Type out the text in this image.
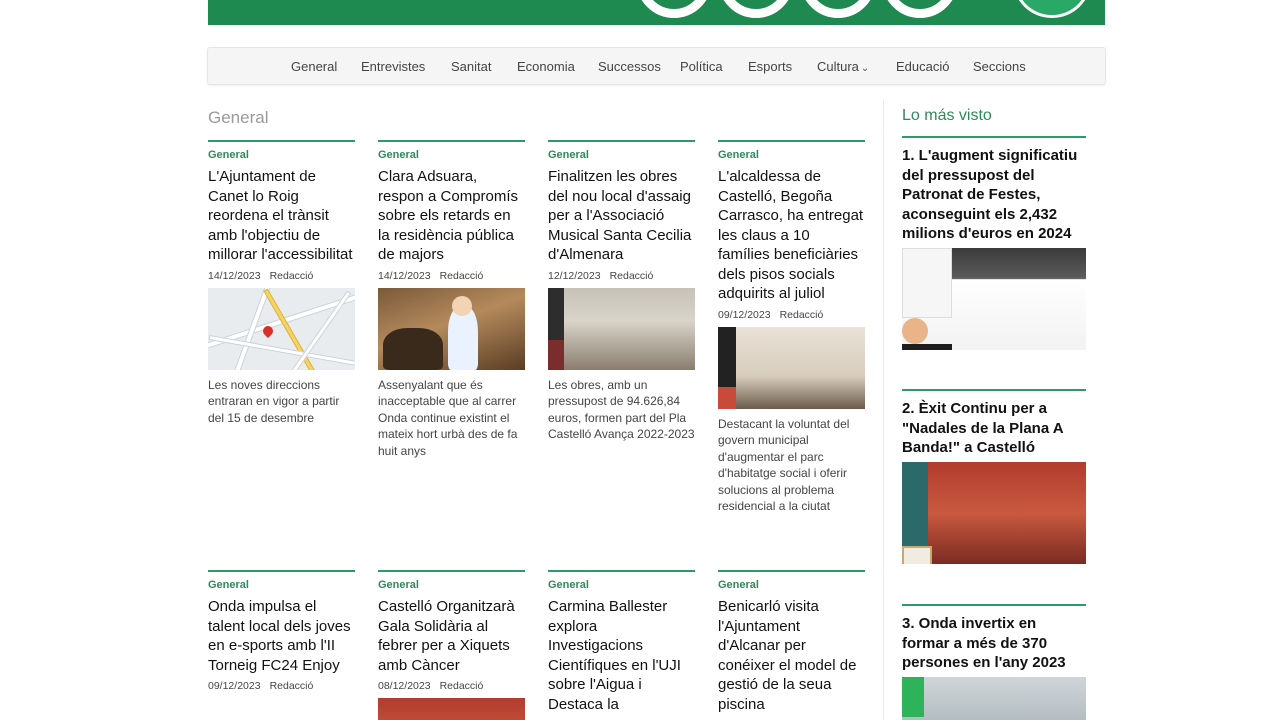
General Entrevistes Sanitat Economia Successos Política Esports Cultura ⌄ Educació Seccions
General
General
L'Ajuntament de Canet lo Roig reordena el trànsit amb l'objectiu de millorar l'accessibilitat
14/12/2023 Redacció
Les noves direccions entraran en vigor a partir del 15 de desembre
General
Clara Adsuara, respon a Compromís sobre els retards en la residència pública de majors
14/12/2023 Redacció
Assenyalant que és inacceptable que al carrer Onda continue existint el mateix hort urbà des de fa huit anys
General
Finalitzen les obres del nou local d'assaig per a l'Associació Musical Santa Cecilia d'Almenara
12/12/2023 Redacció
Les obres, amb un pressupost de 94.626,84 euros, formen part del Pla Castelló Avança 2022-2023
General
L'alcaldessa de Castelló, Begoña Carrasco, ha entregat les claus a 10 famílies beneficiàries dels pisos socials adquirits al juliol
09/12/2023 Redacció
Destacant la voluntat del govern municipal d'augmentar el parc d'habitatge social i oferir solucions al problema residencial a la ciutat
General
Onda impulsa el talent local dels joves en e-sports amb l'II Torneig FC24 Enjoy
09/12/2023 Redacció
General
Castelló Organitzarà Gala Solidària al febrer per a Xiquets amb Càncer
08/12/2023 Redacció
General
Carmina Ballester explora Investigacions Científiques en l'UJI sobre l'Aigua i Destaca la
General
Benicarló visita l'Ajuntament d'Alcanar per conéixer el model de gestió de la seua piscina
Lo más visto
1. L'augment significatiu del pressupost del Patronat de Festes, aconseguint els 2,432 milions d'euros en 2024
2. Èxit Continu per a "Nadales de la Plana A Banda!" a Castelló
3. Onda invertix en formar a més de 370 persones en l'any 2023
